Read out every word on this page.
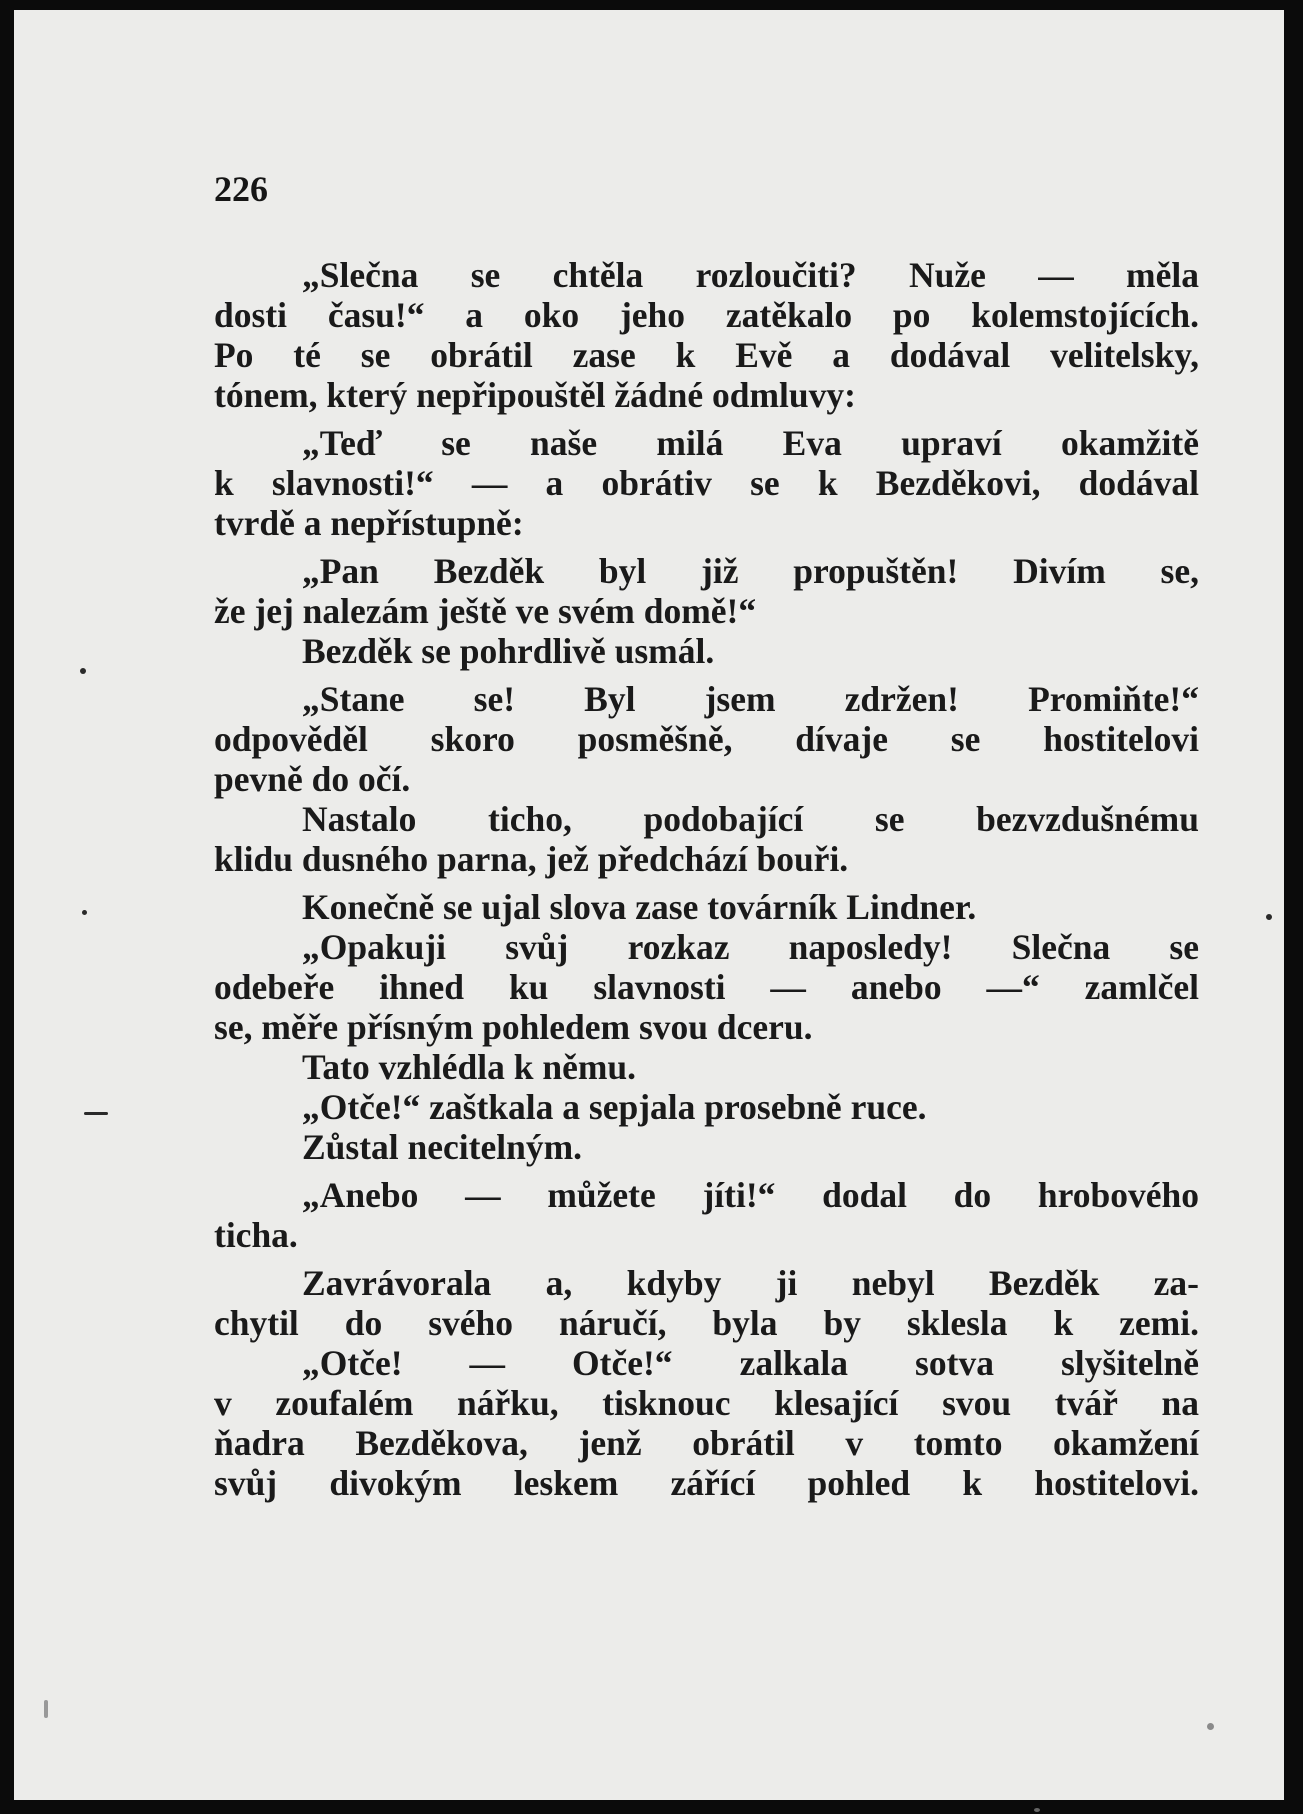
226

„Slečna se chtěla rozloučiti? Nuže — měla
dosti času!“ a oko jeho zatěkalo po kolemstojících.
Po té se obrátil zase k Evě a dodával velitelsky,
tónem, který nepřipouštěl žádné odmluvy:

„Teď se naše milá Eva upraví okamžitě
k slavnosti!“ — a obrátiv se k Bezděkovi, dodával
tvrdě a nepřístupně:

„Pan Bezděk byl již propuštěn! Divím se,
že jej nalezám ještě ve svém domě!“

Bezděk se pohrdlivě usmál.

„Stane se! Byl jsem zdržen! Promiňte!“
odpověděl skoro posměšně, dívaje se hostitelovi
pevně do očí.

Nastalo ticho, podobající se bezvzdušnému
klidu dusného parna, jež předchází bouři.

Konečně se ujal slova zase továrník Lindner.

„Opakuji svůj rozkaz naposledy! Slečna se
odebeře ihned ku slavnosti — anebo —“ zamlčel
se, měře přísným pohledem svou dceru.

Tato vzhlédla k němu.

„Otče!“ zaštkala a sepjala prosebně ruce.

Zůstal necitelným.

„Anebo — můžete jíti!“ dodal do hrobového
ticha.

Zavrávorala a, kdyby ji nebyl Bezděk za-
chytil do svého náručí, byla by sklesla k zemi.

„Otče! — Otče!“ zalkala sotva slyšitelně
v zoufalém nářku, tisknouc klesající svou tvář na
ňadra Bezděkova, jenž obrátil v tomto okamžení
svůj divokým leskem zářící pohled k hostitelovi.
